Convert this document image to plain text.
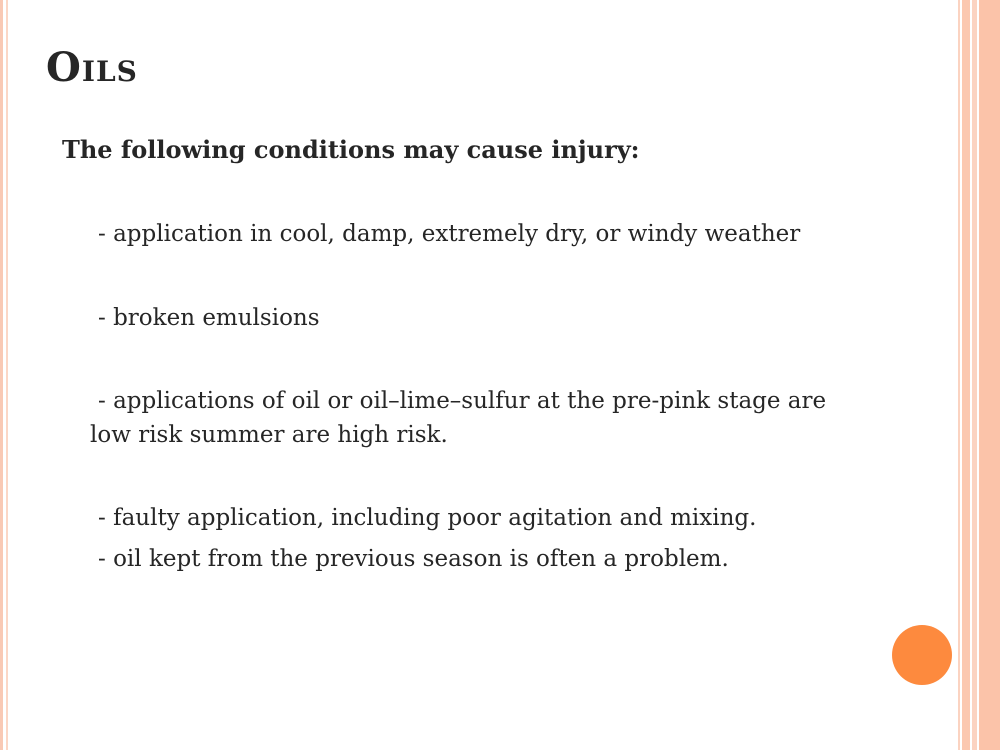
Oils

The following conditions may cause injury:

- application in cool, damp, extremely dry, or windy weather

- broken emulsions

- applications of oil or oil–lime–sulfur at the pre-pink stage are

low risk summer are high risk.

- faulty application, including poor agitation and mixing.

- oil kept from the previous season is often a problem.
